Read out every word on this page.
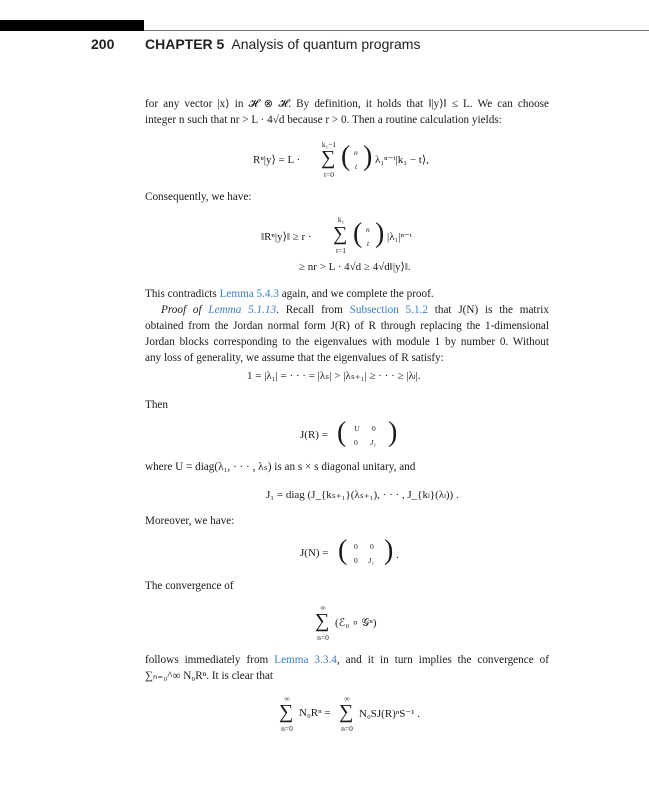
200 CHAPTER 5 Analysis of quantum programs
for any vector |x⟩ in 𝓗 ⊗ 𝓗. By definition, it holds that ‖|y⟩‖ ≤ L. We can choose
integer n such that nr > L · 4√d because r > 0. Then a routine calculation yields:
Rⁿ|y⟩ = L ·
k₁−1
∑
t=0
( n
t ) λ₁ⁿ⁻ᵗ|k₁ − t⟩,
Consequently, we have:
‖Rⁿ|y⟩‖ ≥ r ·
k₁
∑
t=1
( n
t ) |λ₁|ⁿ⁻ᵗ
≥ nr > L · 4√d ≥ 4√d‖|y⟩‖.
This contradicts Lemma 5.4.3 again, and we complete the proof.
Proof of Lemma 5.1.13. Recall from Subsection 5.1.2 that J(N) is the matrix
obtained from the Jordan normal form J(R) of R through replacing the 1-dimensional
Jordan blocks corresponding to the eigenvalues with module 1 by number 0. Without
any loss of generality, we assume that the eigenvalues of R satisfy:
1 = |λ₁| = · · · = |λₛ| > |λₛ₊₁| ≥ · · · ≥ |λₗ|.
Then
J(R) = ( U 0
0 J₁ )
where U = diag(λ₁, · · · , λₛ) is an s × s diagonal unitary, and
J₁ = diag (J_{kₛ₊₁}(λₛ₊₁), · · · , J_{kₗ}(λₗ)) .
Moreover, we have:
J(N) = ( 0 0
0 J₁ ) .
The convergence of
∞
∑
n=0
(ℰ₀ ∘ 𝒢ⁿ)
follows immediately from Lemma 3.3.4, and it in turn implies the convergence of
∑ₙ₌₀^∞ N₀Rⁿ. It is clear that
∞
∑
n=0
N₀Rⁿ =
∞
∑
n=0
N₀SJ(R)ⁿS⁻¹ .
